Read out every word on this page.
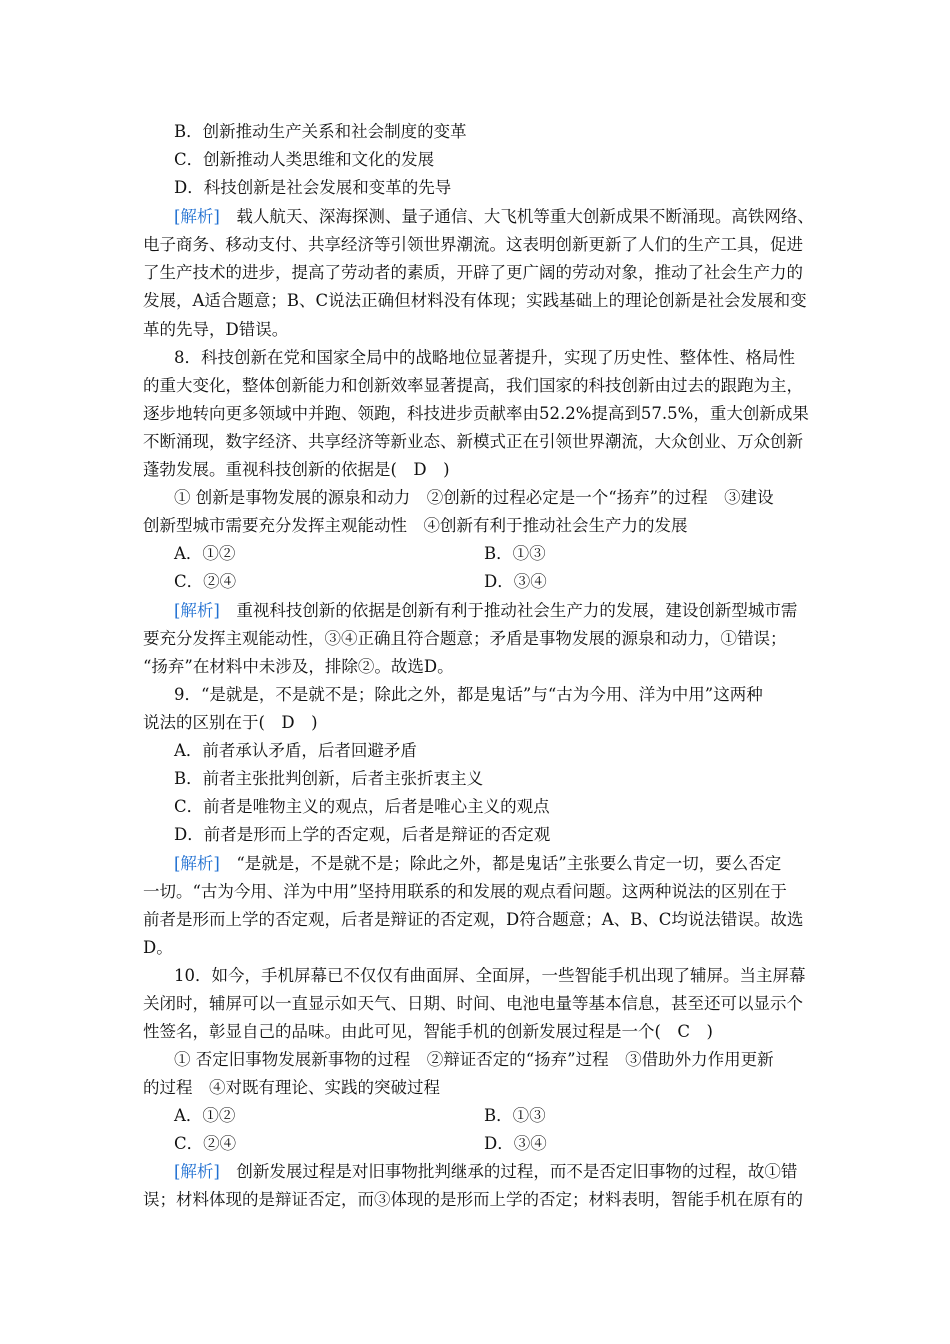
B．创新推动生产关系和社会制度的变革
C．创新推动人类思维和文化的发展
D．科技创新是社会发展和变革的先导
[解析]　 载人航天、深海探测、量子通信、大飞机等重大创新成果不断涌现。高铁网络、
电子商务、移动支付、共享经济等引领世界潮流。这表明创新更新了人们的生产工具，促进
了生产技术的进步，提高了劳动者的素质，开辟了更广阔的劳动对象，推动了社会生产力的
发展，A适合题意；B、C说法正确但材料没有体现；实践基础上的理论创新是社会发展和变
革的先导，D错误。
8．科技创新在党和国家全局中的战略地位显著提升，实现了历史性、整体性、格局性
的重大变化，整体创新能力和创新效率显著提高，我们国家的科技创新由过去的跟跑为主，
逐步地转向更多领域中并跑、领跑，科技进步贡献率由52.2%提高到57.5%，重大创新成果
不断涌现，数字经济、共享经济等新业态、新模式正在引领世界潮流，大众创业、万众创新
蓬勃发展。重视科技创新的依据是(　D　)
① 创新是事物发展的源泉和动力　②创新的过程必定是一个“扬弃”的过程　③建设
创新型城市需要充分发挥主观能动性　④创新有利于推动社会生产力的发展
A．①②	B．①③
C．②④	D．③④
[解析]　 重视科技创新的依据是创新有利于推动社会生产力的发展，建设创新型城市需
要充分发挥主观能动性，③④正确且符合题意；矛盾是事物发展的源泉和动力，①错误；
“扬弃”在材料中未涉及，排除②。故选D。
9．“是就是，不是就不是；除此之外，都是鬼话”与“古为今用、洋为中用”这两种
说法的区别在于(　D　)
A．前者承认矛盾，后者回避矛盾
B．前者主张批判创新，后者主张折衷主义
C．前者是唯物主义的观点，后者是唯心主义的观点
D．前者是形而上学的否定观，后者是辩证的否定观
[解析]　 “是就是，不是就不是；除此之外，都是鬼话”主张要么肯定一切，要么否定
一切。“古为今用、洋为中用”坚持用联系的和发展的观点看问题。这两种说法的区别在于
前者是形而上学的否定观，后者是辩证的否定观，D符合题意；A、B、C均说法错误。故选
D。
10．如今，手机屏幕已不仅仅有曲面屏、全面屏，一些智能手机出现了辅屏。当主屏幕
关闭时，辅屏可以一直显示如天气、日期、时间、电池电量等基本信息，甚至还可以显示个
性签名，彰显自己的品味。由此可见，智能手机的创新发展过程是一个(　C　)
① 否定旧事物发展新事物的过程　②辩证否定的“扬弃”过程　③借助外力作用更新
的过程　④对既有理论、实践的突破过程
A．①②	B．①③
C．②④	D．③④
[解析]　 创新发展过程是对旧事物批判继承的过程，而不是否定旧事物的过程，故①错
误；材料体现的是辩证否定，而③体现的是形而上学的否定；材料表明，智能手机在原有的
